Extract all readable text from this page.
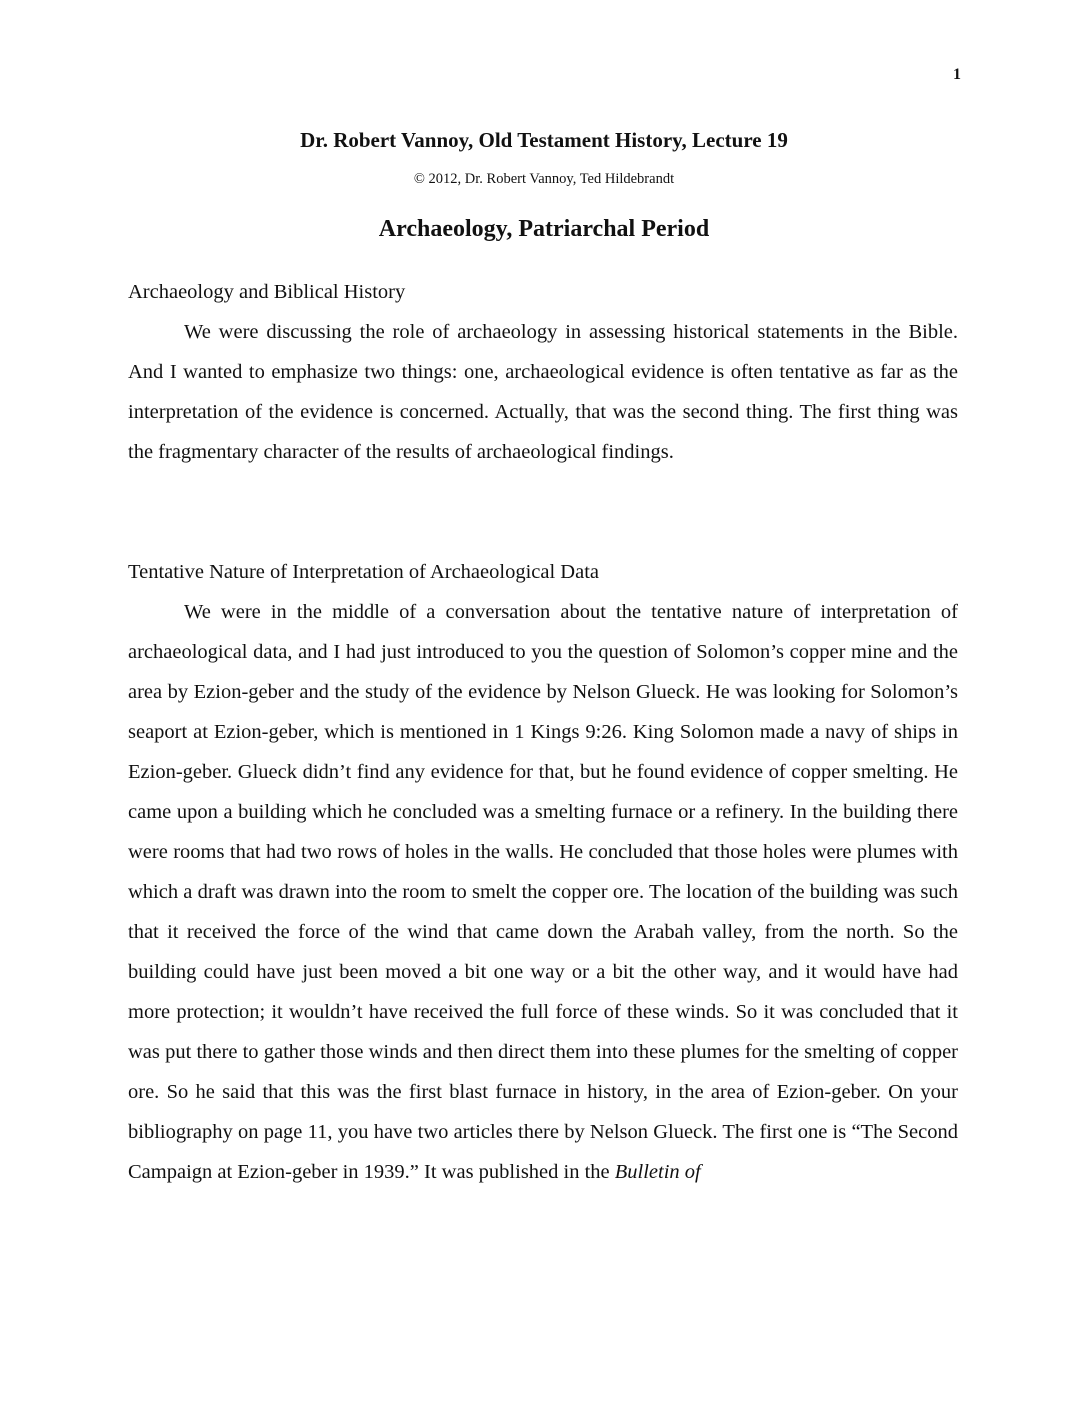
1
Dr. Robert Vannoy, Old Testament History, Lecture 19
© 2012, Dr. Robert Vannoy, Ted Hildebrandt
Archaeology, Patriarchal Period

Archaeology and Biblical History

We were discussing the role of archaeology in assessing historical statements in the Bible. And I wanted to emphasize two things: one, archaeological evidence is often tentative as far as the interpretation of the evidence is concerned. Actually, that was the second thing. The first thing was the fragmentary character of the results of archaeological findings.

Tentative Nature of Interpretation of Archaeological Data

We were in the middle of a conversation about the tentative nature of interpretation of archaeological data, and I had just introduced to you the question of Solomon’s copper mine and the area by Ezion-geber and the study of the evidence by Nelson Glueck. He was looking for Solomon’s seaport at Ezion-geber, which is mentioned in 1 Kings 9:26. King Solomon made a navy of ships in Ezion-geber. Glueck didn’t find any evidence for that, but he found evidence of copper smelting. He came upon a building which he concluded was a smelting furnace or a refinery. In the building there were rooms that had two rows of holes in the walls. He concluded that those holes were plumes with which a draft was drawn into the room to smelt the copper ore. The location of the building was such that it received the force of the wind that came down the Arabah valley, from the north. So the building could have just been moved a bit one way or a bit the other way, and it would have had more protection; it wouldn’t have received the full force of these winds. So it was concluded that it was put there to gather those winds and then direct them into these plumes for the smelting of copper ore. So he said that this was the first blast furnace in history, in the area of Ezion-geber. On your bibliography on page 11, you have two articles there by Nelson Glueck. The first one is “The Second Campaign at Ezion-geber in 1939.” It was published in the Bulletin of
